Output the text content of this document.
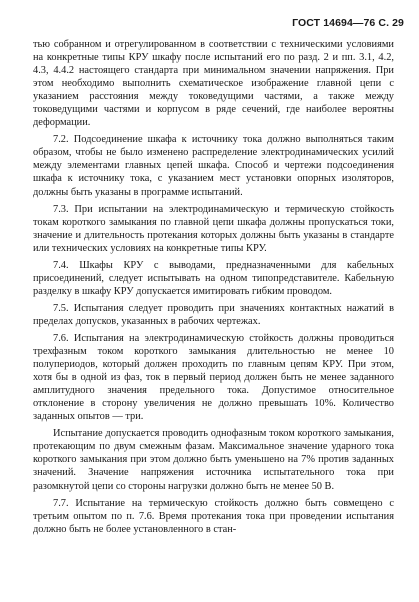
ГОСТ 14694—76 С. 29

тью собранном и отрегулированном в соответствии с техническими условиями на конкретные типы КРУ шкафу после испытаний его по разд. 2 и пп. 3.1, 4.2, 4.3, 4.4.2 настоящего стандарта при минимальном значении напряжения. При этом необходимо выполнить схематическое изображение главной цепи с указанием расстояния между токоведущими частями, а также между токоведущими частями и корпусом в ряде сечений, где наиболее вероятны деформации.

7.2. Подсоединение шкафа к источнику тока должно выполняться таким образом, чтобы не было изменено распределение электродинамических усилий между элементами главных цепей шкафа. Способ и чертежи подсоединения шкафа к источнику тока, с указанием мест установки опорных изоляторов, должны быть указаны в программе испытаний.

7.3. При испытании на электродинамическую и термическую стойкость токам короткого замыкания по главной цепи шкафа должны пропускаться токи, значение и длительность протекания которых должны быть указаны в стандарте или технических условиях на конкретные типы КРУ.

7.4. Шкафы КРУ с выводами, предназначенными для кабельных присоединений, следует испытывать на одном типопредставителе. Кабельную разделку в шкафу КРУ допускается имитировать гибким проводом.

7.5. Испытания следует проводить при значениях контактных нажатий в пределах допусков, указанных в рабочих чертежах.

7.6. Испытания на электродинамическую стойкость должны проводиться трехфазным током короткого замыкания длительностью не менее 10 полупериодов, который должен проходить по главным цепям КРУ. При этом, хотя бы в одной из фаз, ток в первый период должен быть не менее заданного амплитудного значения предельного тока. Допустимое относительное отклонение в сторону увеличения не должно превышать 10%. Количество заданных опытов — три.

Испытание допускается проводить однофазным током короткого замыкания, протекающим по двум смежным фазам. Максимальное значение ударного тока короткого замыкания при этом должно быть уменьшено на 7% против заданных значений. Значение напряжения источника испытательного тока при разомкнутой цепи со стороны нагрузки должно быть не менее 50 В.

7.7. Испытание на термическую стойкость должно быть совмещено с третьим опытом по п. 7.6. Время протекания тока при проведении испытания должно быть не более установленного в стан-
